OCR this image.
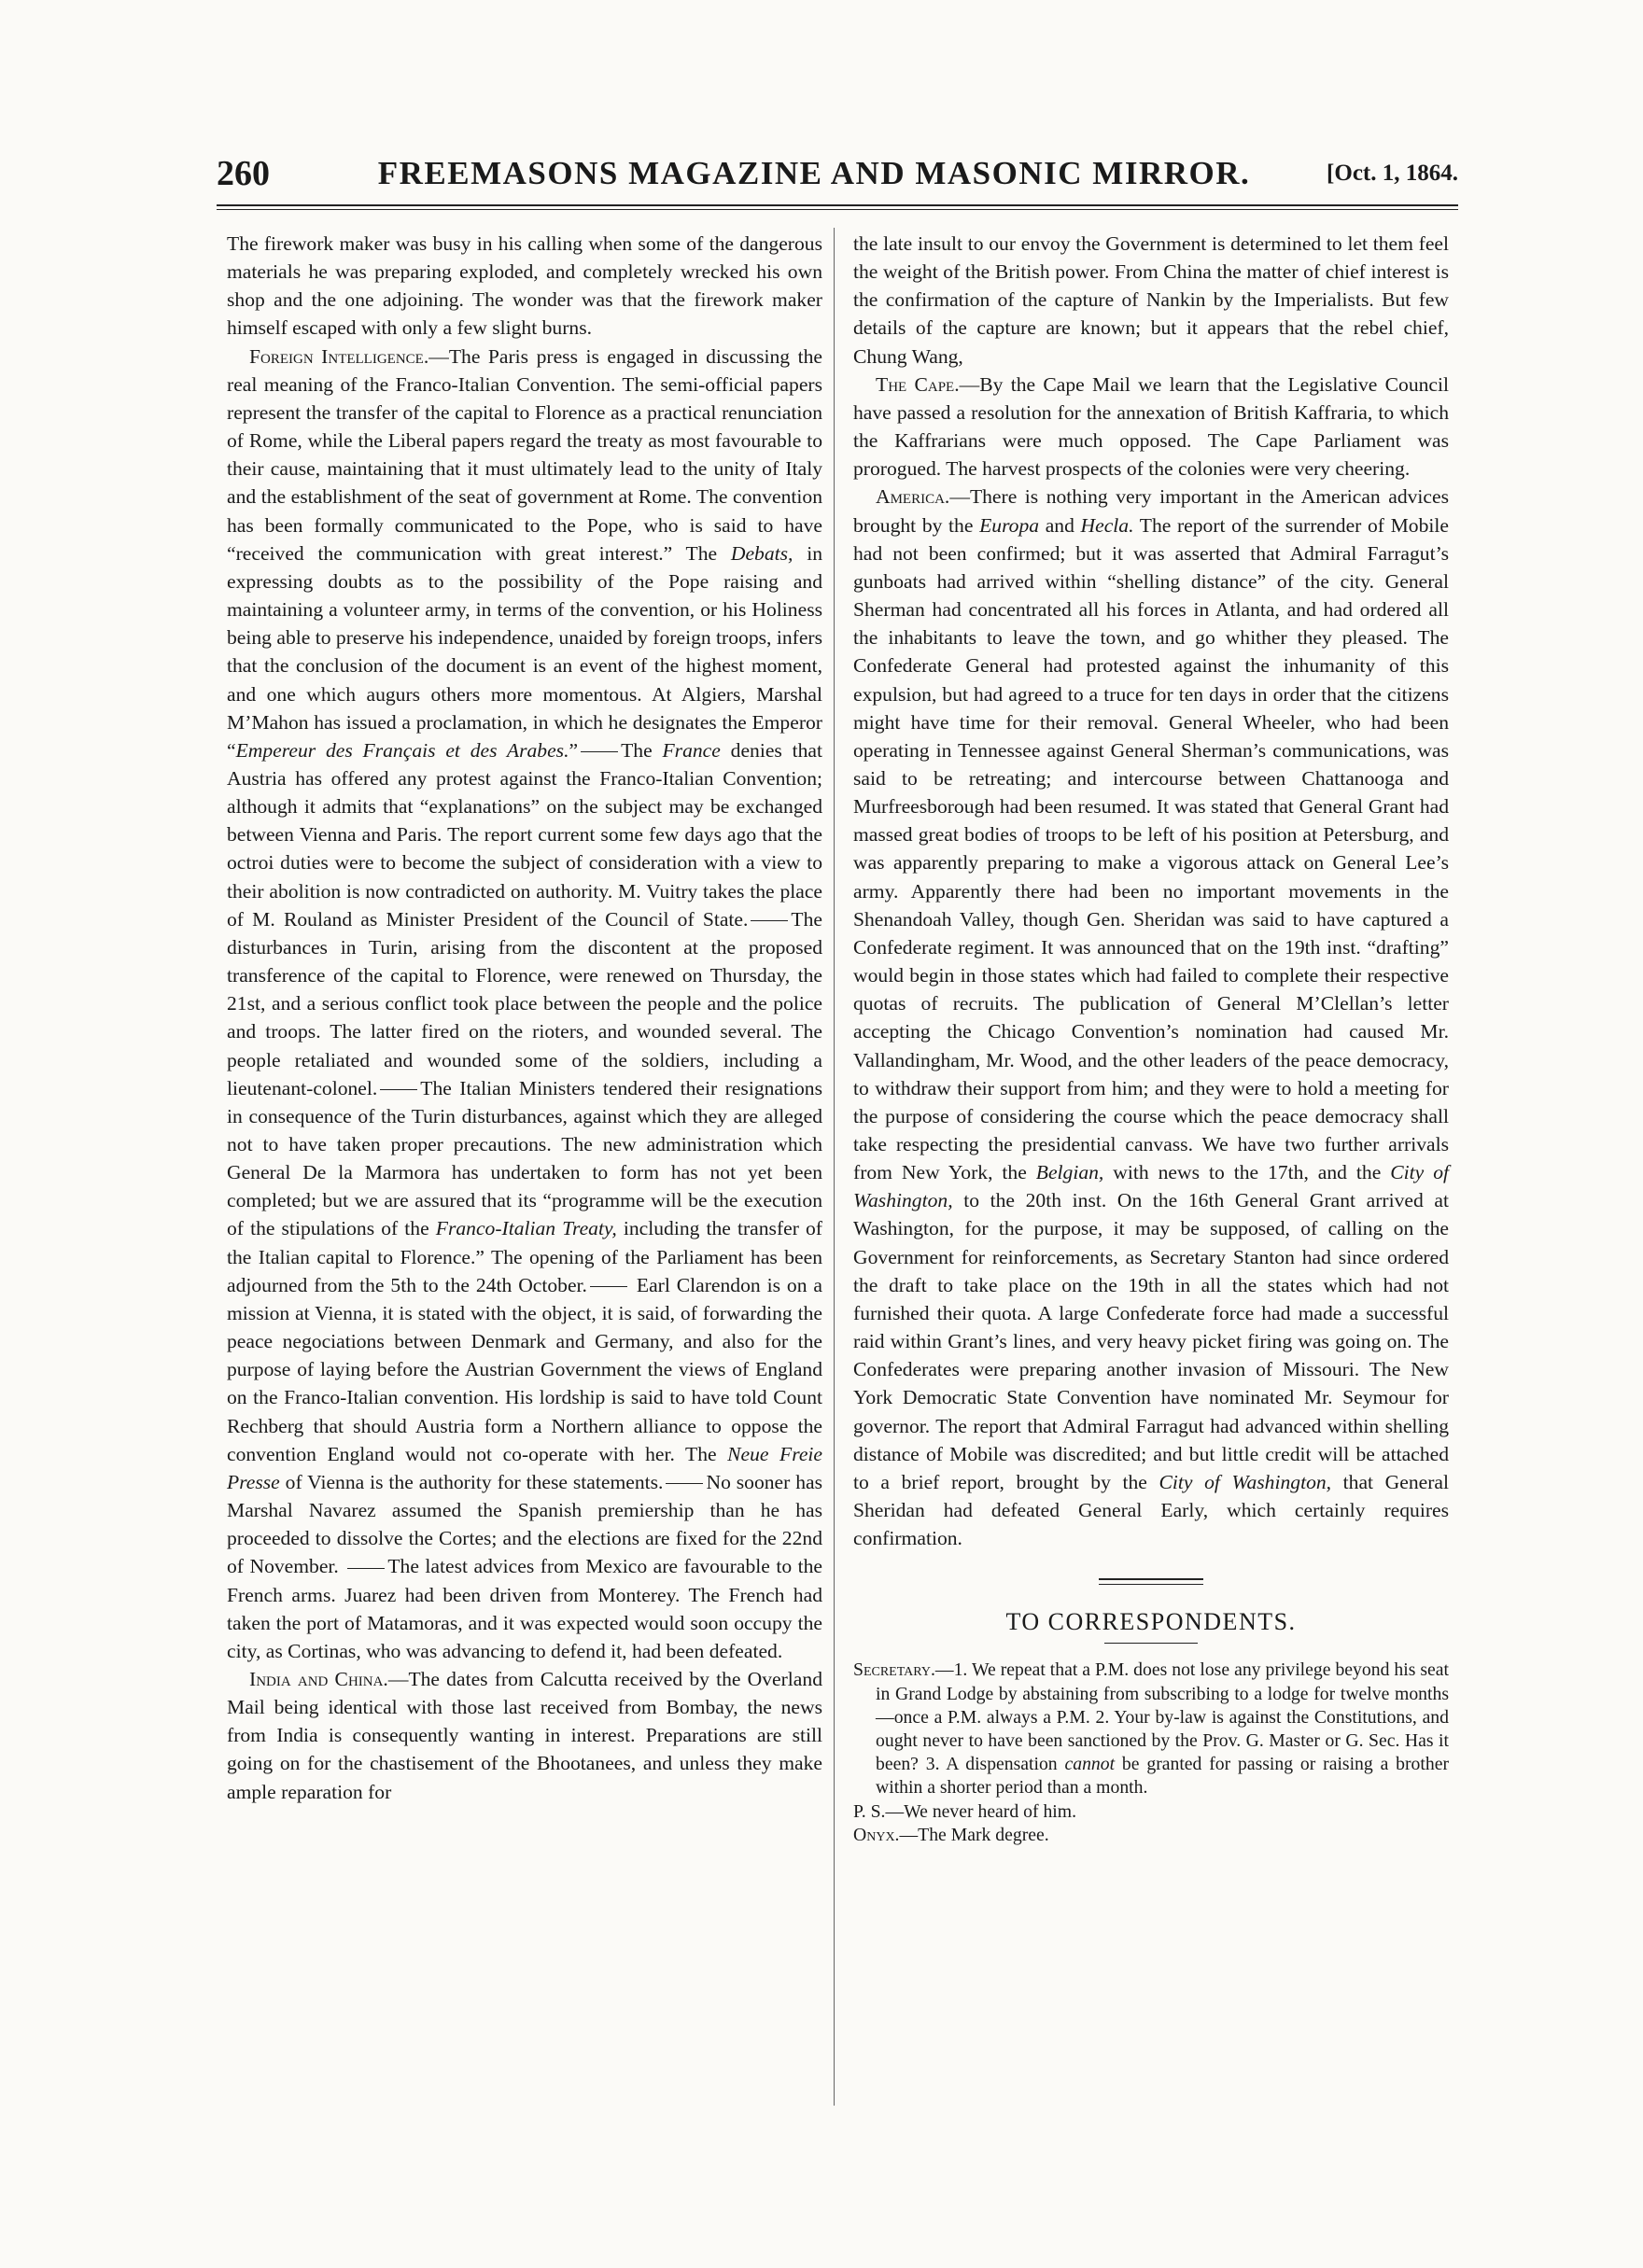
260	FREEMASONS MAGAZINE AND MASONIC MIRROR.	[Oct. 1, 1864.

The firework maker was busy in his calling when some of the dangerous materials he was preparing exploded, and completely wrecked his own shop and the one adjoining. The wonder was that the firework maker himself escaped with only a few slight burns.

Foreign Intelligence.—The Paris press is engaged in discussing the real meaning of the Franco-Italian Convention. The semi-official papers represent the transfer of the capital to Florence as a practical renunciation of Rome, while the Liberal papers regard the treaty as most favourable to their cause, maintaining that it must ultimately lead to the unity of Italy and the establishment of the seat of government at Rome. The convention has been formally communicated to the Pope, who is said to have “received the communication with great interest.” The Debats, in expressing doubts as to the possibility of the Pope raising and maintaining a volunteer army, in terms of the convention, or his Holiness being able to preserve his independence, unaided by foreign troops, infers that the conclusion of the document is an event of the highest moment, and one which augurs others more momentous. At Algiers, Marshal M’Mahon has issued a proclamation, in which he designates the Emperor “Empereur des Français et des Arabes.” The France denies that Austria has offered any protest against the Franco-Italian Convention; although it admits that “explanations” on the subject may be exchanged between Vienna and Paris. The report current some few days ago that the octroi duties were to become the subject of consideration with a view to their abolition is now contradicted on authority. M. Vuitry takes the place of M. Rouland as Minister President of the Council of State. The disturbances in Turin, arising from the discontent at the proposed transference of the capital to Florence, were renewed on Thursday, the 21st, and a serious conflict took place between the people and the police and troops. The latter fired on the rioters, and wounded several. The people retaliated and wounded some of the soldiers, including a lieutenant-colonel. The Italian Ministers tendered their resignations in consequence of the Turin disturbances, against which they are alleged not to have taken proper precautions. The new administration which General De la Marmora has undertaken to form has not yet been completed; but we are assured that its “programme will be the execution of the stipulations of the Franco-Italian Treaty, including the transfer of the Italian capital to Florence.” The opening of the Parliament has been adjourned from the 5th to the 24th October. Earl Clarendon is on a mission at Vienna, it is stated with the object, it is said, of forwarding the peace negociations between Denmark and Germany, and also for the purpose of laying before the Austrian Government the views of England on the Franco-Italian convention. His lordship is said to have told Count Rechberg that should Austria form a Northern alliance to oppose the convention England would not co-operate with her. The Neue Freie Presse of Vienna is the authority for these statements. No sooner has Marshal Navarez assumed the Spanish premiership than he has proceeded to dissolve the Cortes; and the elections are fixed for the 22nd of November. The latest advices from Mexico are favourable to the French arms. Juarez had been driven from Monterey. The French had taken the port of Matamoras, and it was expected would soon occupy the city, as Cortinas, who was advancing to defend it, had been defeated.

India and China.—The dates from Calcutta received by the Overland Mail being identical with those last received from Bombay, the news from India is consequently wanting in interest. Preparations are still going on for the chastisement of the Bhootanees, and unless they make ample reparation for

the late insult to our envoy the Government is determined to let them feel the weight of the British power. From China the matter of chief interest is the confirmation of the capture of Nankin by the Imperialists. But few details of the capture are known; but it appears that the rebel chief, Chung Wang,

The Cape.—By the Cape Mail we learn that the Legislative Council have passed a resolution for the annexation of British Kaffraria, to which the Kaffrarians were much opposed. The Cape Parliament was prorogued. The harvest prospects of the colonies were very cheering.

America.—There is nothing very important in the American advices brought by the Europa and Hecla. The report of the surrender of Mobile had not been confirmed; but it was asserted that Admiral Farragut’s gunboats had arrived within “shelling distance” of the city. General Sherman had concentrated all his forces in Atlanta, and had ordered all the inhabitants to leave the town, and go whither they pleased. The Confederate General had protested against the inhumanity of this expulsion, but had agreed to a truce for ten days in order that the citizens might have time for their removal. General Wheeler, who had been operating in Tennessee against General Sherman’s communications, was said to be retreating; and intercourse between Chattanooga and Murfreesborough had been resumed. It was stated that General Grant had massed great bodies of troops to be left of his position at Petersburg, and was apparently preparing to make a vigorous attack on General Lee’s army. Apparently there had been no important movements in the Shenandoah Valley, though Gen. Sheridan was said to have captured a Confederate regiment. It was announced that on the 19th inst. “drafting” would begin in those states which had failed to complete their respective quotas of recruits. The publication of General M’Clellan’s letter accepting the Chicago Convention’s nomination had caused Mr. Vallandingham, Mr. Wood, and the other leaders of the peace democracy, to withdraw their support from him; and they were to hold a meeting for the purpose of considering the course which the peace democracy shall take respecting the presidential canvass. We have two further arrivals from New York, the Belgian, with news to the 17th, and the City of Washington, to the 20th inst. On the 16th General Grant arrived at Washington, for the purpose, it may be supposed, of calling on the Government for reinforcements, as Secretary Stanton had since ordered the draft to take place on the 19th in all the states which had not furnished their quota. A large Confederate force had made a successful raid within Grant’s lines, and very heavy picket firing was going on. The Confederates were preparing another invasion of Missouri. The New York Democratic State Convention have nominated Mr. Seymour for governor. The report that Admiral Farragut had advanced within shelling distance of Mobile was discredited; and but little credit will be attached to a brief report, brought by the City of Washington, that General Sheridan had defeated General Early, which certainly requires confirmation.

TO CORRESPONDENTS.

Secretary.—1. We repeat that a P.M. does not lose any privilege beyond his seat in Grand Lodge by abstaining from subscribing to a lodge for twelve months—once a P.M. always a P.M. 2. Your by-law is against the Constitutions, and ought never to have been sanctioned by the Prov. G. Master or G. Sec. Has it been? 3. A dispensation cannot be granted for passing or raising a brother within a shorter period than a month.

P. S.—We never heard of him.

Onyx.—The Mark degree.
